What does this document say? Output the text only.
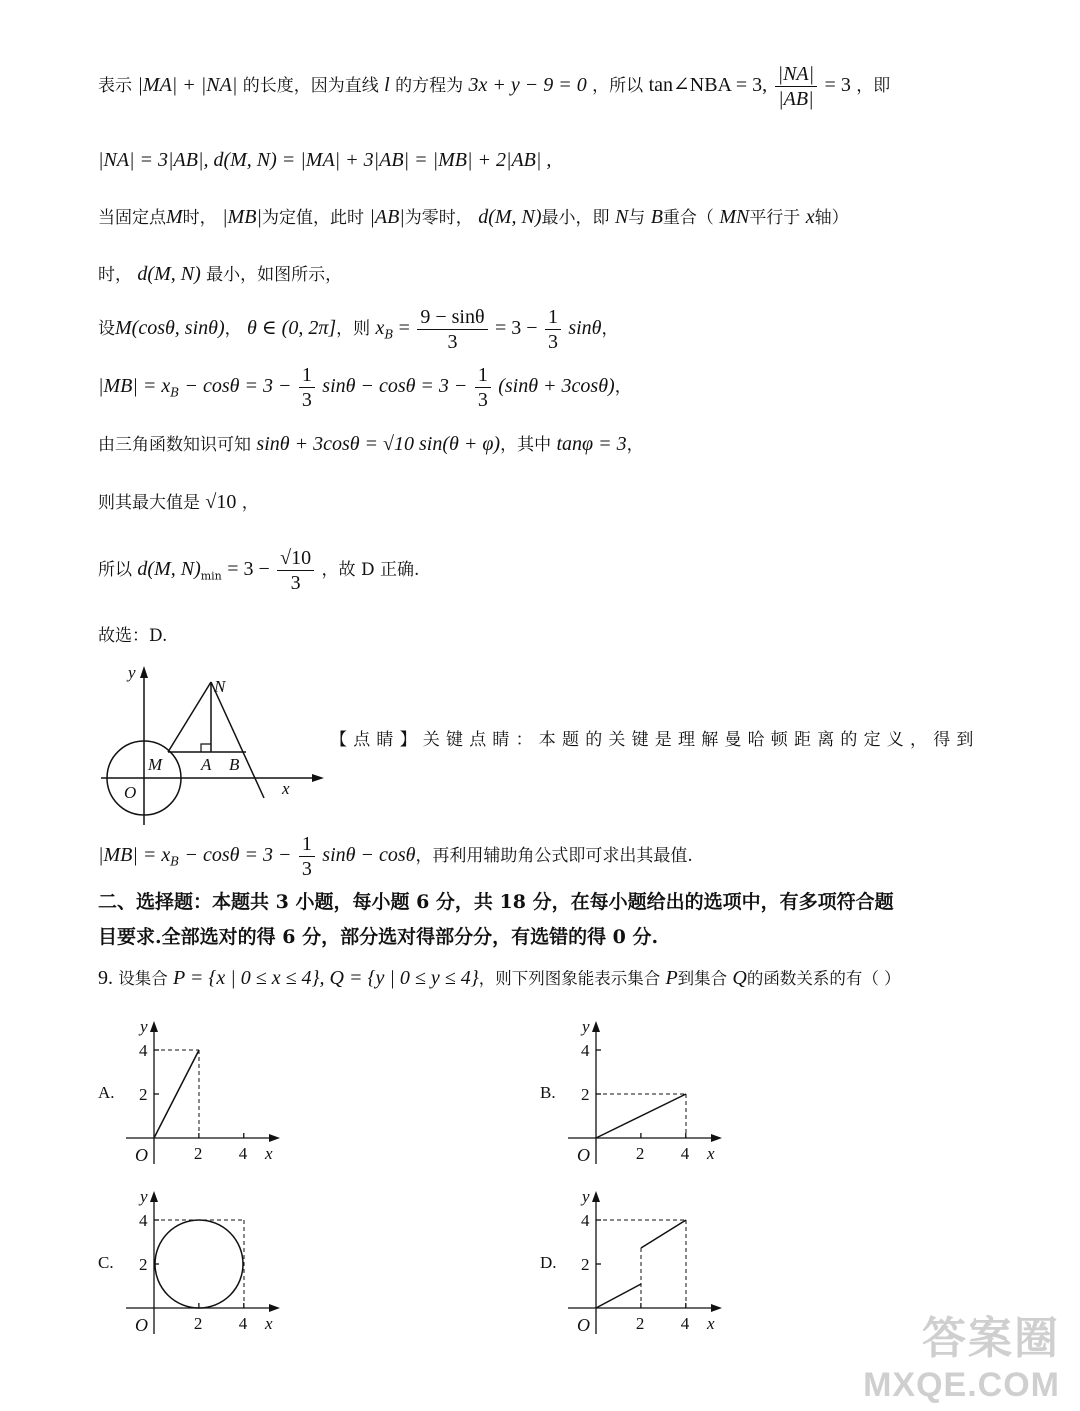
表示 |MA| + |NA| 的长度，因为直线 l 的方程为 3x + y − 9 = 0 ，所以 tan∠NBA = 3, $\frac{|NA|}{|AB|} = 3$ ，即
|NA| = 3|AB|, d(M, N) = |MA| + 3|AB| = |MB| + 2|AB| ,
当固定点M时， |MB|为定值，此时 |AB|为零时， d(M, N)最小，即 N与 B重合（ MN平行于 x轴）
时， d(M, N) 最小，如图所示，
设M(cosθ, sinθ)， θ ∈ (0, 2π]，则 $x_B = \frac{9 - \sin\theta}{3} = 3 - \frac{1}{3}$ sinθ，
$|MB| = x_B - \cos\theta = 3 - \frac{1}{3}$ $\sin\theta - \cos\theta = 3 - \frac{1}{3} (\sin\theta + 3\cos\theta)$，
由三角函数知识可知 sinθ + 3cosθ = √10 sin(θ + φ)，其中 tanφ = 3，
则其最大值是 √10 ，
所以 d(M, $N)_{min} = 3 - \frac{√10}{3}$ ，故 D 正确.
故选：D.
y
N
M A B
O	x
【点睛】关键点睛：本题的关键是理解曼哈顿距离的定义，得到
$|MB| = x_B - \cos\theta = 3 - \frac{1}{3}$ sinθ − cosθ，再利用辅助角公式即可求出其最值.
二、选择题：本题共 3 小题，每小题 6 分，共 18 分，在每小题给出的选项中，有多项符合题
目要求.全部选对的得 6 分，部分选对得部分分，有选错的得 0 分.
9. 设集合 P = {x | 0 ≤ x ≤ 4}, Q = {y | 0 ≤ y ≤ 4}，则下列图象能表示集合 P到集合 Q的函数关系的有（ ）
A.	B.
C.	D.
2
2
4
4
O	x
y
2
2
4
4
O	x
y
2
2
4
4
O	x
y
2
2
4
4
O	x
y
答案圈
MXQE.COM
